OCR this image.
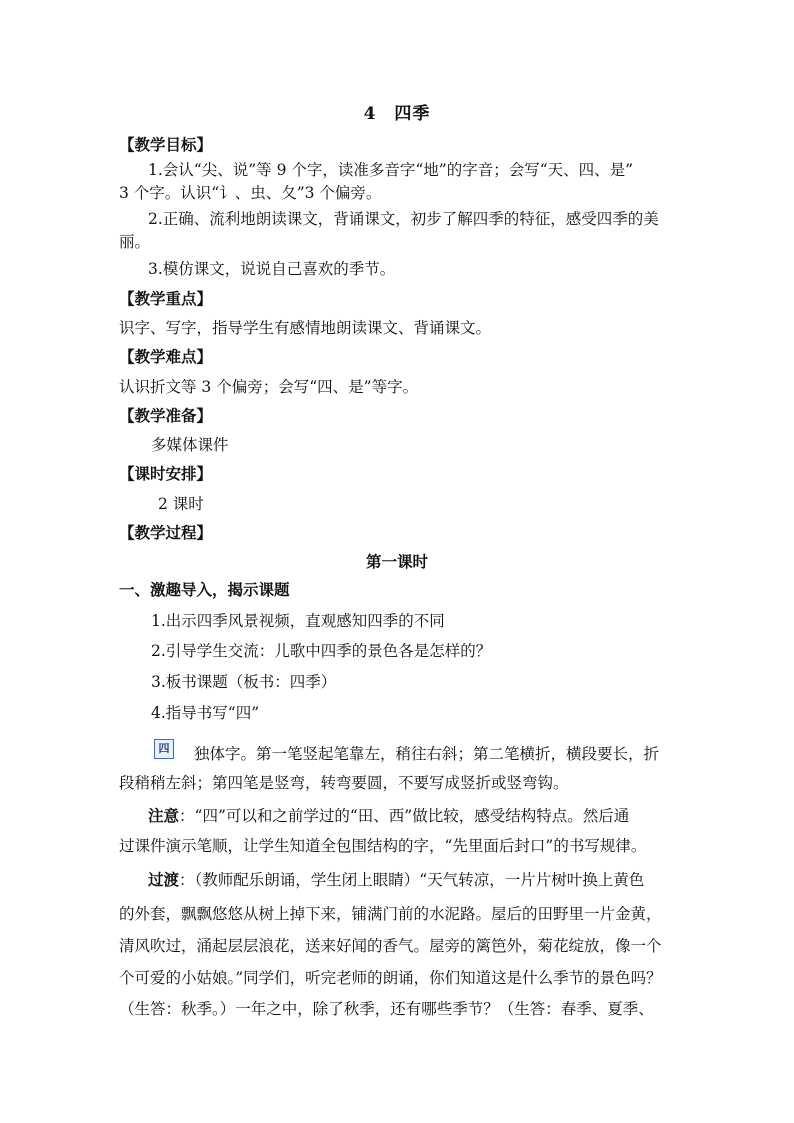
4　四季
【教学目标】
1.会认“尖、说”等 9 个字，读准多音字“地”的字音；会写“天、四、是”
3 个字。认识“讠、虫、夂”3 个偏旁。
2.正确、流利地朗读课文，背诵课文，初步了解四季的特征，感受四季的美
丽。
3.模仿课文，说说自己喜欢的季节。
【教学重点】
识字、写字，指导学生有感情地朗读课文、背诵课文。
【教学难点】
认识折文等 3 个偏旁；会写“四、是”等字。
【教学准备】
多媒体课件
【课时安排】
2 课时
【教学过程】
第一课时
一、激趣导入，揭示课题
1.出示四季风景视频，直观感知四季的不同
2.引导学生交流：儿歌中四季的景色各是怎样的？
3.板书课题（板书：四季）
4.指导书写“四”
四 独体字。第一笔竖起笔靠左，稍往右斜；第二笔横折，横段要长，折
段稍稍左斜；第四笔是竖弯，转弯要圆，不要写成竖折或竖弯钩。
注意：“四”可以和之前学过的“田、西”做比较，感受结构特点。然后通
过课件演示笔顺，让学生知道全包围结构的字，“先里面后封口”的书写规律。
过渡：（教师配乐朗诵，学生闭上眼睛）“天气转凉，一片片树叶换上黄色
的外套，飘飘悠悠从树上掉下来，铺满门前的水泥路。屋后的田野里一片金黄，
清风吹过，涌起层层浪花，送来好闻的香气。屋旁的篱笆外，菊花绽放，像一个
个可爱的小姑娘。”同学们，听完老师的朗诵，你们知道这是什么季节的景色吗？
（生答：秋季。）一年之中，除了秋季，还有哪些季节？（生答：春季、夏季、
